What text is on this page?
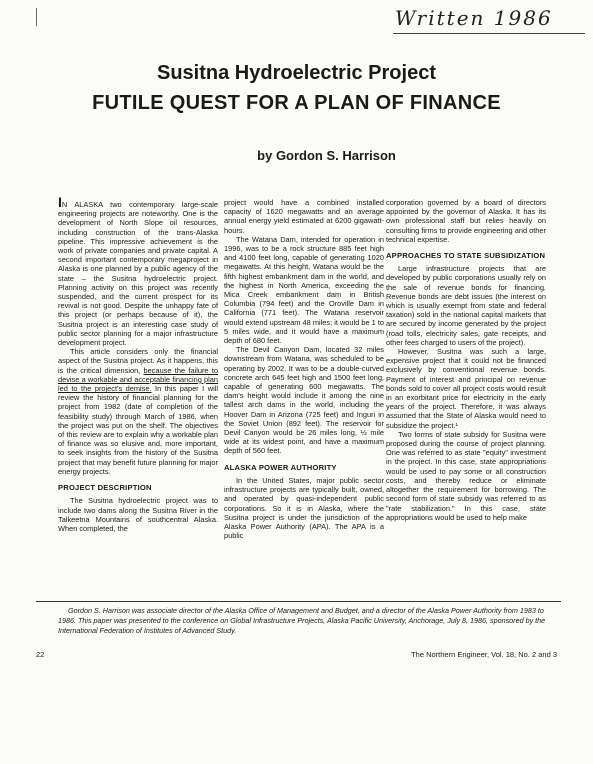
Written 1986
Susitna Hydroelectric Project
FUTILE QUEST FOR A PLAN OF FINANCE
by Gordon S. Harrison

IN ALASKA two contemporary large-scale engineering projects are noteworthy. One is the development of North Slope oil resources, including construction of the trans-Alaska pipeline. This impressive achievement is the work of private companies and private capital. A second important contemporary megaproject in Alaska is one planned by a public agency of the state – the Susitna hydroelectric project. Planning activity on this project was recently suspended, and the current prospect for its revival is not good. Despite the unhappy fate of this project (or perhaps because of it), the Susitna project is an interesting case study of public sector planning for a major infrastructure development project.

This article considers only the financial aspect of the Susitna project. As it happens, this is the critical dimension, because the failure to devise a workable and acceptable financing plan led to the project's demise. In this paper I will review the history of financial planning for the project from 1982 (date of completion of the feasibility study) through March of 1986, when the project was put on the shelf. The objectives of this review are to explain why a workable plan of finance was so elusive and, more important, to seek insights from the history of the Susitna project that may benefit future planning for major energy projects.

PROJECT DESCRIPTION

The Susitna hydroelectric project was to include two dams along the Susitna River in the Talkeetna Mountains of southcentral Alaska. When completed, the

project would have a combined installed capacity of 1620 megawatts and an average annual energy yield estimated at 6200 gigawatt-hours.

The Watana Dam, intended for operation in 1996, was to be a rock structure 885 feet high and 4100 feet long, capable of generating 1020 megawatts. At this height, Watana would be the fifth highest embankment dam in the world, and the highest in North America, exceeding the Mica Creek embankment dam in British Columbia (794 feet) and the Oroville Dam in California (771 feet). The Watana reservoir would extend upstream 48 miles; it would be 1 to 5 miles wide, and it would have a maximum depth of 680 feet.

The Devil Canyon Dam, located 32 miles downstream from Watana, was scheduled to be operating by 2002. It was to be a double-curved concrete arch 645 feet high and 1500 feet long, capable of generating 600 megawatts. The dam's height would include it among the nine tallest arch dams in the world, including the Hoover Dam in Arizona (725 feet) and Inguri in the Soviet Union (892 feet). The reservoir for Devil Canyon would be 26 miles long, ½ mile wide at its widest point, and have a maximum depth of 560 feet.

ALASKA POWER AUTHORITY

In the United States, major public sector infrastructure projects are typically built, owned, and operated by quasi-independent public corporations. So it is in Alaska, where the Susitna project is under the jurisdiction of the Alaska Power Authority (APA). The APA is a public

corporation governed by a board of directors appointed by the governor of Alaska. It has its own professional staff but relies heavily on consulting firms to provide engineering and other technical expertise.

APPROACHES TO STATE SUBSIDIZATION

Large infrastructure projects that are developed by public corporations usually rely on the sale of revenue bonds for financing. Revenue bonds are debt issues (the interest on which is usually exempt from state and federal taxation) sold in the national capital markets that are secured by income generated by the project (road tolls, electricity sales, gate receipts, and other fees charged to users of the project).

However, Susitna was such a large, expensive project that it could not be financed exclusively by conventional revenue bonds. Payment of interest and principal on revenue bonds sold to cover all project costs would result in an exorbitant price for electricity in the early years of the project. Therefore, it was always assumed that the State of Alaska would need to subsidize the project.¹

Two forms of state subsidy for Susitna were proposed during the course of project planning. One was referred to as state "equity" investment in the project. In this case, state appropriations would be used to pay some or all construction costs, and thereby reduce or eliminate altogether the requirement for borrowing. The second form of state subsidy was referred to as "rate stabilization." In this case, state appropriations would be used to help make

Gordon S. Harrison was associate director of the Alaska Office of Management and Budget, and a director of the Alaska Power Authority from 1983 to 1986. This paper was presented to the conference on Global Infrastructure Projects, Alaska Pacific University, Anchorage, July 8, 1986, sponsored by the International Federation of Institutes of Advanced Study.
22	The Northern Engineer, Vol. 18, No. 2 and 3
